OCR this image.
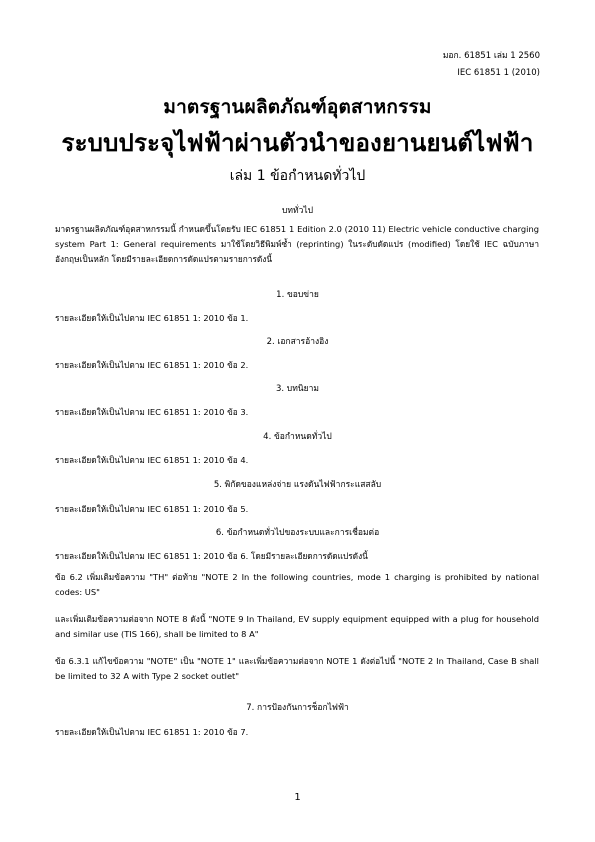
มอก. 61851 เล่ม 1 2560
IEC 61851 1 (2010)
มาตรฐานผลิตภัณฑ์อุตสาหกรรม
ระบบประจุไฟฟ้าผ่านตัวนำของยานยนต์ไฟฟ้า
เล่ม 1 ข้อกำหนดทั่วไป
บททั่วไป
มาตรฐานผลิตภัณฑ์อุตสาหกรรมนี้ กำหนดขึ้นโดยรับ IEC 61851 1 Edition 2.0 (2010 11) Electric vehicle conductive charging system Part 1: General requirements มาใช้โดยวิธีพิมพ์ซ้ำ (reprinting) ในระดับดัดแปร (modified) โดยใช้ IEC ฉบับภาษาอังกฤษเป็นหลัก โดยมีรายละเอียดการดัดแปรตามรายการดังนี้
1. ขอบข่าย
รายละเอียดให้เป็นไปตาม IEC 61851 1: 2010 ข้อ 1.
2. เอกสารอ้างอิง
รายละเอียดให้เป็นไปตาม IEC 61851 1: 2010 ข้อ 2.
3. บทนิยาม
รายละเอียดให้เป็นไปตาม IEC 61851 1: 2010 ข้อ 3.
4. ข้อกำหนดทั่วไป
รายละเอียดให้เป็นไปตาม IEC 61851 1: 2010 ข้อ 4.
5. พิกัดของแหล่งจ่าย แรงดันไฟฟ้ากระแสสลับ
รายละเอียดให้เป็นไปตาม IEC 61851 1: 2010 ข้อ 5.
6. ข้อกำหนดทั่วไปของระบบและการเชื่อมต่อ
รายละเอียดให้เป็นไปตาม IEC 61851 1: 2010 ข้อ 6. โดยมีรายละเอียดการดัดแปรดังนี้
ข้อ 6.2 เพิ่มเติมข้อความ "TH" ต่อท้าย "NOTE 2 In the following countries, mode 1 charging is prohibited by national codes: US"
และเพิ่มเติมข้อความต่อจาก NOTE 8 ดังนี้ "NOTE 9 In Thailand, EV supply equipment equipped with a plug for household and similar use (TIS 166), shall be limited to 8 A"
ข้อ 6.3.1 แก้ไขข้อความ "NOTE" เป็น "NOTE 1" และเพิ่มข้อความต่อจาก NOTE 1 ดังต่อไปนี้ "NOTE 2 In Thailand, Case B shall be limited to 32 A with Type 2 socket outlet"
7. การป้องกันการช็อกไฟฟ้า
รายละเอียดให้เป็นไปตาม IEC 61851 1: 2010 ข้อ 7.
1
